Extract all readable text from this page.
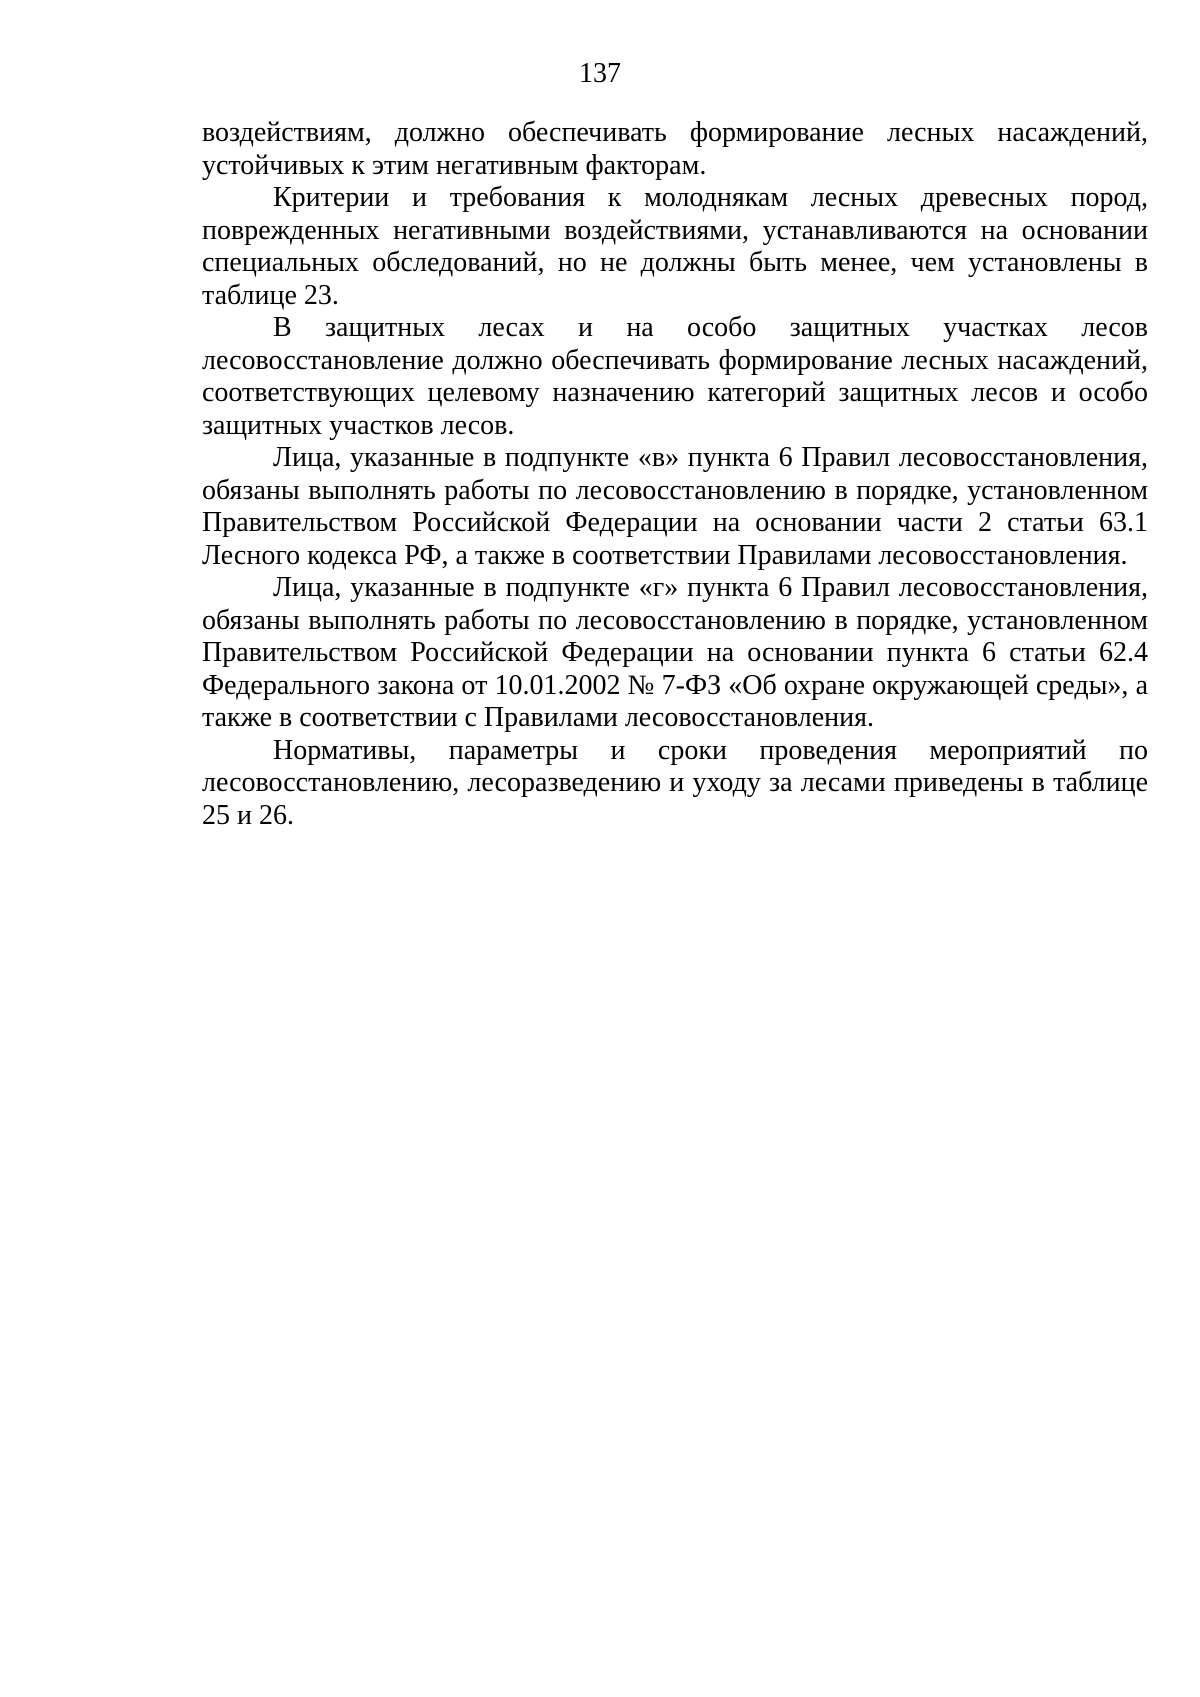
137

воздействиям, должно обеспечивать формирование лесных насаждений, устойчивых к этим негативным факторам.

Критерии и требования к молоднякам лесных древесных пород, поврежденных негативными воздействиями, устанавливаются на основании специальных обследований, но не должны быть менее, чем установлены в таблице 23.

В защитных лесах и на особо защитных участках лесов лесовосстановление должно обеспечивать формирование лесных насаждений, соответствующих целевому назначению категорий защитных лесов и особо защитных участков лесов.

Лица, указанные в подпункте «в» пункта 6 Правил лесовосстановления, обязаны выполнять работы по лесовосстановлению в порядке, установленном Правительством Российской Федерации на основании части 2 статьи 63.1 Лесного кодекса РФ, а также в соответствии Правилами лесовосстановления.

Лица, указанные в подпункте «г» пункта 6 Правил лесовосстановления, обязаны выполнять работы по лесовосстановлению в порядке, установленном Правительством Российской Федерации на основании пункта 6 статьи 62.4 Федерального закона от 10.01.2002 № 7-ФЗ «Об охране окружающей среды», а также в соответствии с Правилами лесовосстановления.

Нормативы, параметры и сроки проведения мероприятий по лесовосстановлению, лесоразведению и уходу за лесами приведены в таблице 25 и 26.
